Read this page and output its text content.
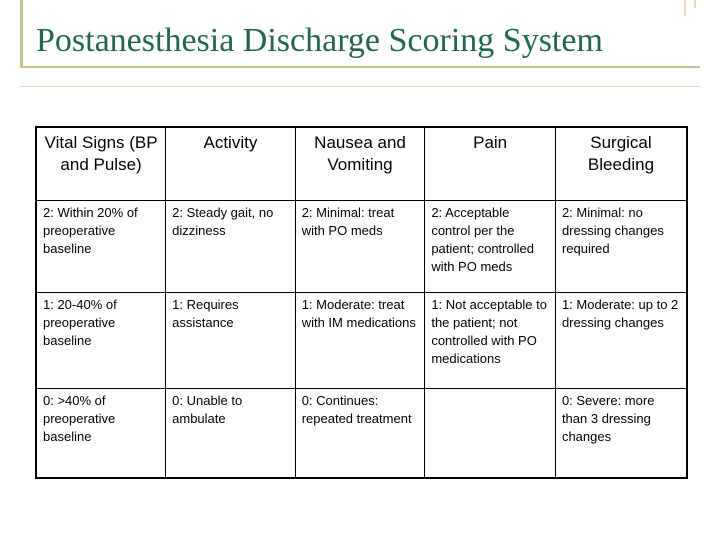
Postanesthesia Discharge Scoring System
Vital Signs (BP and Pulse)	Activity	Nausea and Vomiting	Pain	Surgical Bleeding
2: Within 20% of preoperative baseline	2: Steady gait, no dizziness	2: Minimal: treat with PO meds	2: Acceptable control per the patient; controlled with PO meds	2: Minimal: no dressing changes required
1: 20-40% of preoperative baseline	1: Requires assistance	1: Moderate: treat with IM medications	1: Not acceptable to the patient; not controlled with PO medications	1: Moderate: up to 2 dressing changes
0: >40% of preoperative baseline	0: Unable to ambulate	0: Continues: repeated treatment		0: Severe: more than 3 dressing changes
